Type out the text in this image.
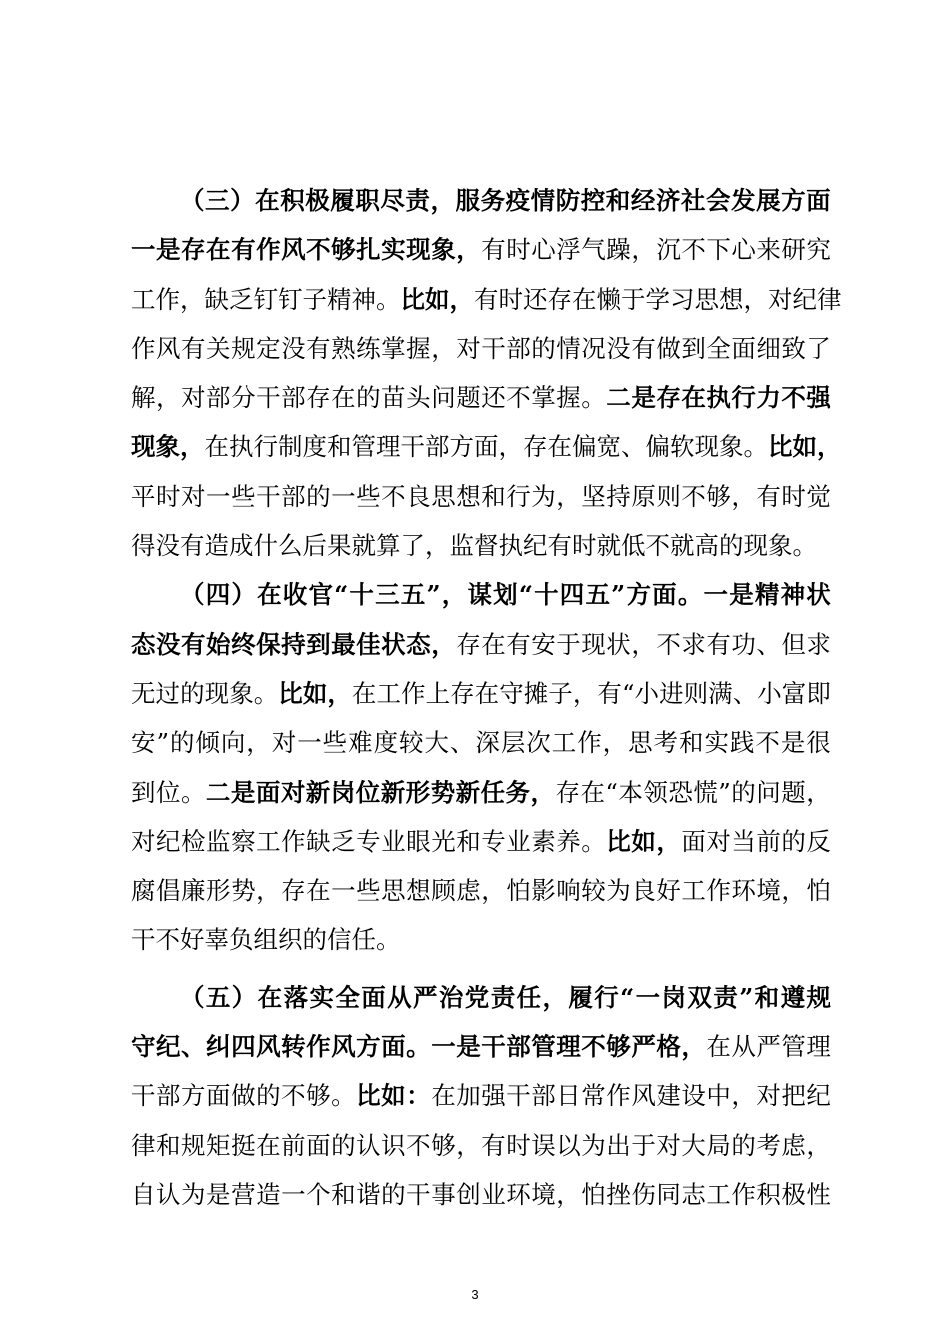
（ 三 ） 在 积 极 履 职 尽 责 ， 服 务 疫 情 防 控 和 经 济 社 会 发 展 方 面
一 是 存 在 有 作 风 不 够 扎 实 现 象 ， 有 时 心 浮 气 躁 ， 沉 不 下 心 来 研 究
工 作 ， 缺 乏 钉 钉 子 精 神 。 比 如 ， 有 时 还 存 在 懒 于 学 习 思 想 ， 对 纪 律
作 风 有 关 规 定 没 有 熟 练 掌 握 ， 对 干 部 的 情 况 没 有 做 到 全 面 细 致 了
解 ， 对 部 分 干 部 存 在 的 苗 头 问 题 还 不 掌 握 。 二 是 存 在 执 行 力 不 强
现 象 ， 在 执 行 制 度 和 管 理 干 部 方 面 ， 存 在 偏 宽 、 偏 软 现 象 。 比 如 ，
平 时 对 一 些 干 部 的 一 些 不 良 思 想 和 行 为 ， 坚 持 原 则 不 够 ， 有 时 觉
得 没 有 造 成 什 么 后 果 就 算 了 ， 监 督 执 纪 有 时 就 低 不 就 高 的 现 象 。
（ 四 ） 在 收 官 “ 十 三 五 ” ， 谋 划 “ 十 四 五 ” 方 面 。 一 是 精 神 状
态 没 有 始 终 保 持 到 最 佳 状 态 ， 存 在 有 安 于 现 状 ， 不 求 有 功 、 但 求
无 过 的 现 象 。 比 如 ， 在 工 作 上 存 在 守 摊 子 ， 有 “ 小 进 则 满 、 小 富 即
安 ” 的 倾 向 ， 对 一 些 难 度 较 大 、 深 层 次 工 作 ， 思 考 和 实 践 不 是 很
到 位 。 二 是 面 对 新 岗 位 新 形 势 新 任 务 ， 存 在 “ 本 领 恐 慌 ” 的 问 题 ，
对 纪 检 监 察 工 作 缺 乏 专 业 眼 光 和 专 业 素 养 。 比 如 ， 面 对 当 前 的 反
腐 倡 廉 形 势 ， 存 在 一 些 思 想 顾 虑 ， 怕 影 响 较 为 良 好 工 作 环 境 ， 怕
干 不 好 辜 负 组 织 的 信 任 。
（ 五 ） 在 落 实 全 面 从 严 治 党 责 任 ， 履 行 “ 一 岗 双 责 ” 和 遵 规
守 纪 、 纠 四 风 转 作 风 方 面 。 一 是 干 部 管 理 不 够 严 格 ， 在 从 严 管 理
干 部 方 面 做 的 不 够 。 比 如 ： 在 加 强 干 部 日 常 作 风 建 设 中 ， 对 把 纪
律 和 规 矩 挺 在 前 面 的 认 识 不 够 ， 有 时 误 以 为 出 于 对 大 局 的 考 虑 ，
自 认 为 是 营 造 一 个 和 谐 的 干 事 创 业 环 境 ， 怕 挫 伤 同 志 工 作 积 极 性
3
